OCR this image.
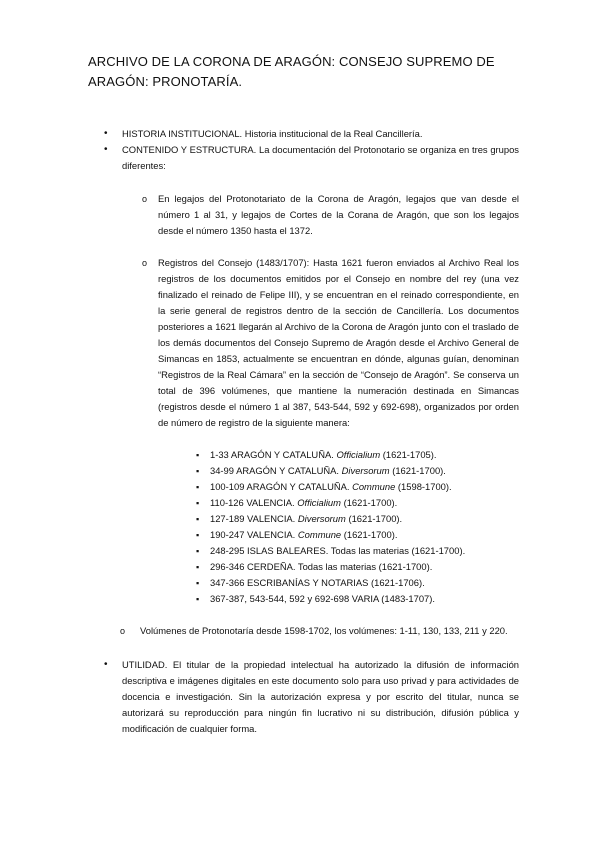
ARCHIVO DE LA CORONA DE ARAGÓN: CONSEJO SUPREMO DE ARAGÓN: PRONOTARÍA.
• HISTORIA INSTITUCIONAL. Historia institucional de la Real Cancillería.
• CONTENIDO Y ESTRUCTURA. La documentación del Protonotario se organiza en tres grupos diferentes:
o En legajos del Protonotariato de la Corona de Aragón, legajos que van desde el número 1 al 31, y legajos de Cortes de la Corana de Aragón, que son los legajos desde el número 1350 hasta el 1372.
o Registros del Consejo (1483/1707): Hasta 1621 fueron enviados al Archivo Real los registros de los documentos emitidos por el Consejo en nombre del rey (una vez finalizado el reinado de Felipe III), y se encuentran en el reinado correspondiente, en la serie general de registros dentro de la sección de Cancillería. Los documentos posteriores a 1621 llegarán al Archivo de la Corona de Aragón junto con el traslado de los demás documentos del Consejo Supremo de Aragón desde el Archivo General de Simancas en 1853, actualmente se encuentran en dónde, algunas guían, denominan “Registros de la Real Cámara” en la sección de “Consejo de Aragón”. Se conserva un total de 396 volúmenes, que mantiene la numeración destinada en Simancas (registros desde el número 1 al 387, 543-544, 592 y 692-698), organizados por orden de número de registro de la siguiente manera:
▪ 1-33 ARAGÓN Y CATALUÑA. Officialium (1621-1705).
▪ 34-99 ARAGÓN Y CATALUÑA. Diversorum (1621-1700).
▪ 100-109 ARAGÓN Y CATALUÑA. Commune (1598-1700).
▪ 110-126 VALENCIA. Officialium (1621-1700).
▪ 127-189 VALENCIA. Diversorum (1621-1700).
▪ 190-247 VALENCIA. Commune (1621-1700).
▪ 248-295 ISLAS BALEARES. Todas las materias (1621-1700).
▪ 296-346 CERDEÑA. Todas las materias (1621-1700).
▪ 347-366 ESCRIBANÍAS Y NOTARIAS (1621-1706).
▪ 367-387, 543-544, 592 y 692-698 VARIA (1483-1707).
o Volúmenes de Protonotaría desde 1598-1702, los volúmenes: 1-11, 130, 133, 211 y 220.
• UTILIDAD. El titular de la propiedad intelectual ha autorizado la difusión de información descriptiva e imágenes digitales en este documento solo para uso privad y para actividades de docencia e investigación. Sin la autorización expresa y por escrito del titular, nunca se autorizará su reproducción para ningún fin lucrativo ni su distribución, difusión pública y modificación de cualquier forma.
